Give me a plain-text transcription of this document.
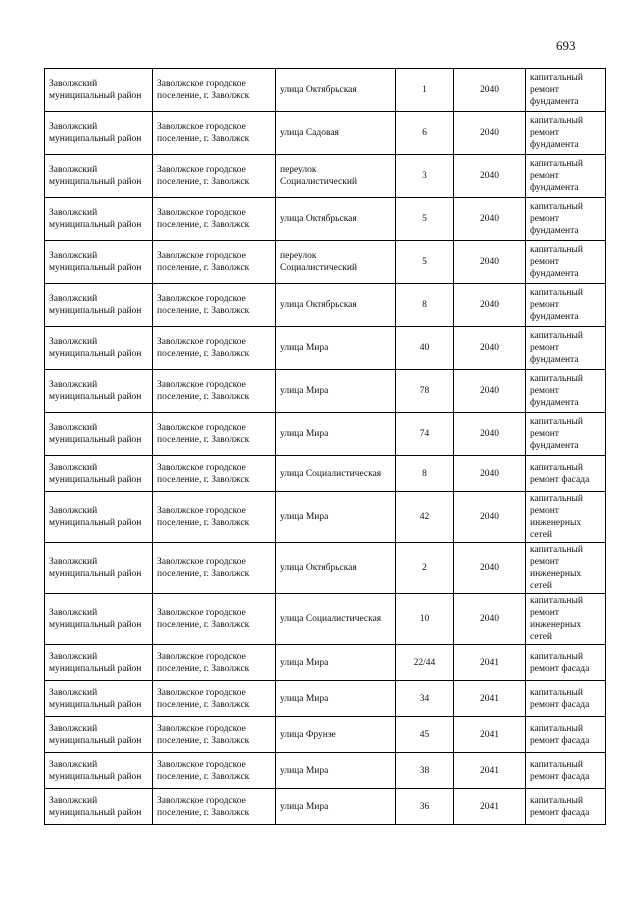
693
Заволжский муниципальный район	Заволжское городское поселение, г. Заволжск	улица Октябрьская	1	2040	капитальный ремонт фундамента
Заволжский муниципальный район	Заволжское городское поселение, г. Заволжск	улица Садовая	6	2040	капитальный ремонт фундамента
Заволжский муниципальный район	Заволжское городское поселение, г. Заволжск	переулок Социалистический	3	2040	капитальный ремонт фундамента
Заволжский муниципальный район	Заволжское городское поселение, г. Заволжск	улица Октябрьская	5	2040	капитальный ремонт фундамента
Заволжский муниципальный район	Заволжское городское поселение, г. Заволжск	переулок Социалистический	5	2040	капитальный ремонт фундамента
Заволжский муниципальный район	Заволжское городское поселение, г. Заволжск	улица Октябрьская	8	2040	капитальный ремонт фундамента
Заволжский муниципальный район	Заволжское городское поселение, г. Заволжск	улица Мира	40	2040	капитальный ремонт фундамента
Заволжский муниципальный район	Заволжское городское поселение, г. Заволжск	улица Мира	78	2040	капитальный ремонт фундамента
Заволжский муниципальный район	Заволжское городское поселение, г. Заволжск	улица Мира	74	2040	капитальный ремонт фундамента
Заволжский муниципальный район	Заволжское городское поселение, г. Заволжск	улица Социалистическая	8	2040	капитальный ремонт фасада
Заволжский муниципальный район	Заволжское городское поселение, г. Заволжск	улица Мира	42	2040	капитальный ремонт инженерных сетей
Заволжский муниципальный район	Заволжское городское поселение, г. Заволжск	улица Октябрьская	2	2040	капитальный ремонт инженерных сетей
Заволжский муниципальный район	Заволжское городское поселение, г. Заволжск	улица Социалистическая	10	2040	капитальный ремонт инженерных сетей
Заволжский муниципальный район	Заволжское городское поселение, г. Заволжск	улица Мира	22/44	2041	капитальный ремонт фасада
Заволжский муниципальный район	Заволжское городское поселение, г. Заволжск	улица Мира	34	2041	капитальный ремонт фасада
Заволжский муниципальный район	Заволжское городское поселение, г. Заволжск	улица Фрунзе	45	2041	капитальный ремонт фасада
Заволжский муниципальный район	Заволжское городское поселение, г. Заволжск	улица Мира	38	2041	капитальный ремонт фасада
Заволжский муниципальный район	Заволжское городское поселение, г. Заволжск	улица Мира	36	2041	капитальный ремонт фасада
